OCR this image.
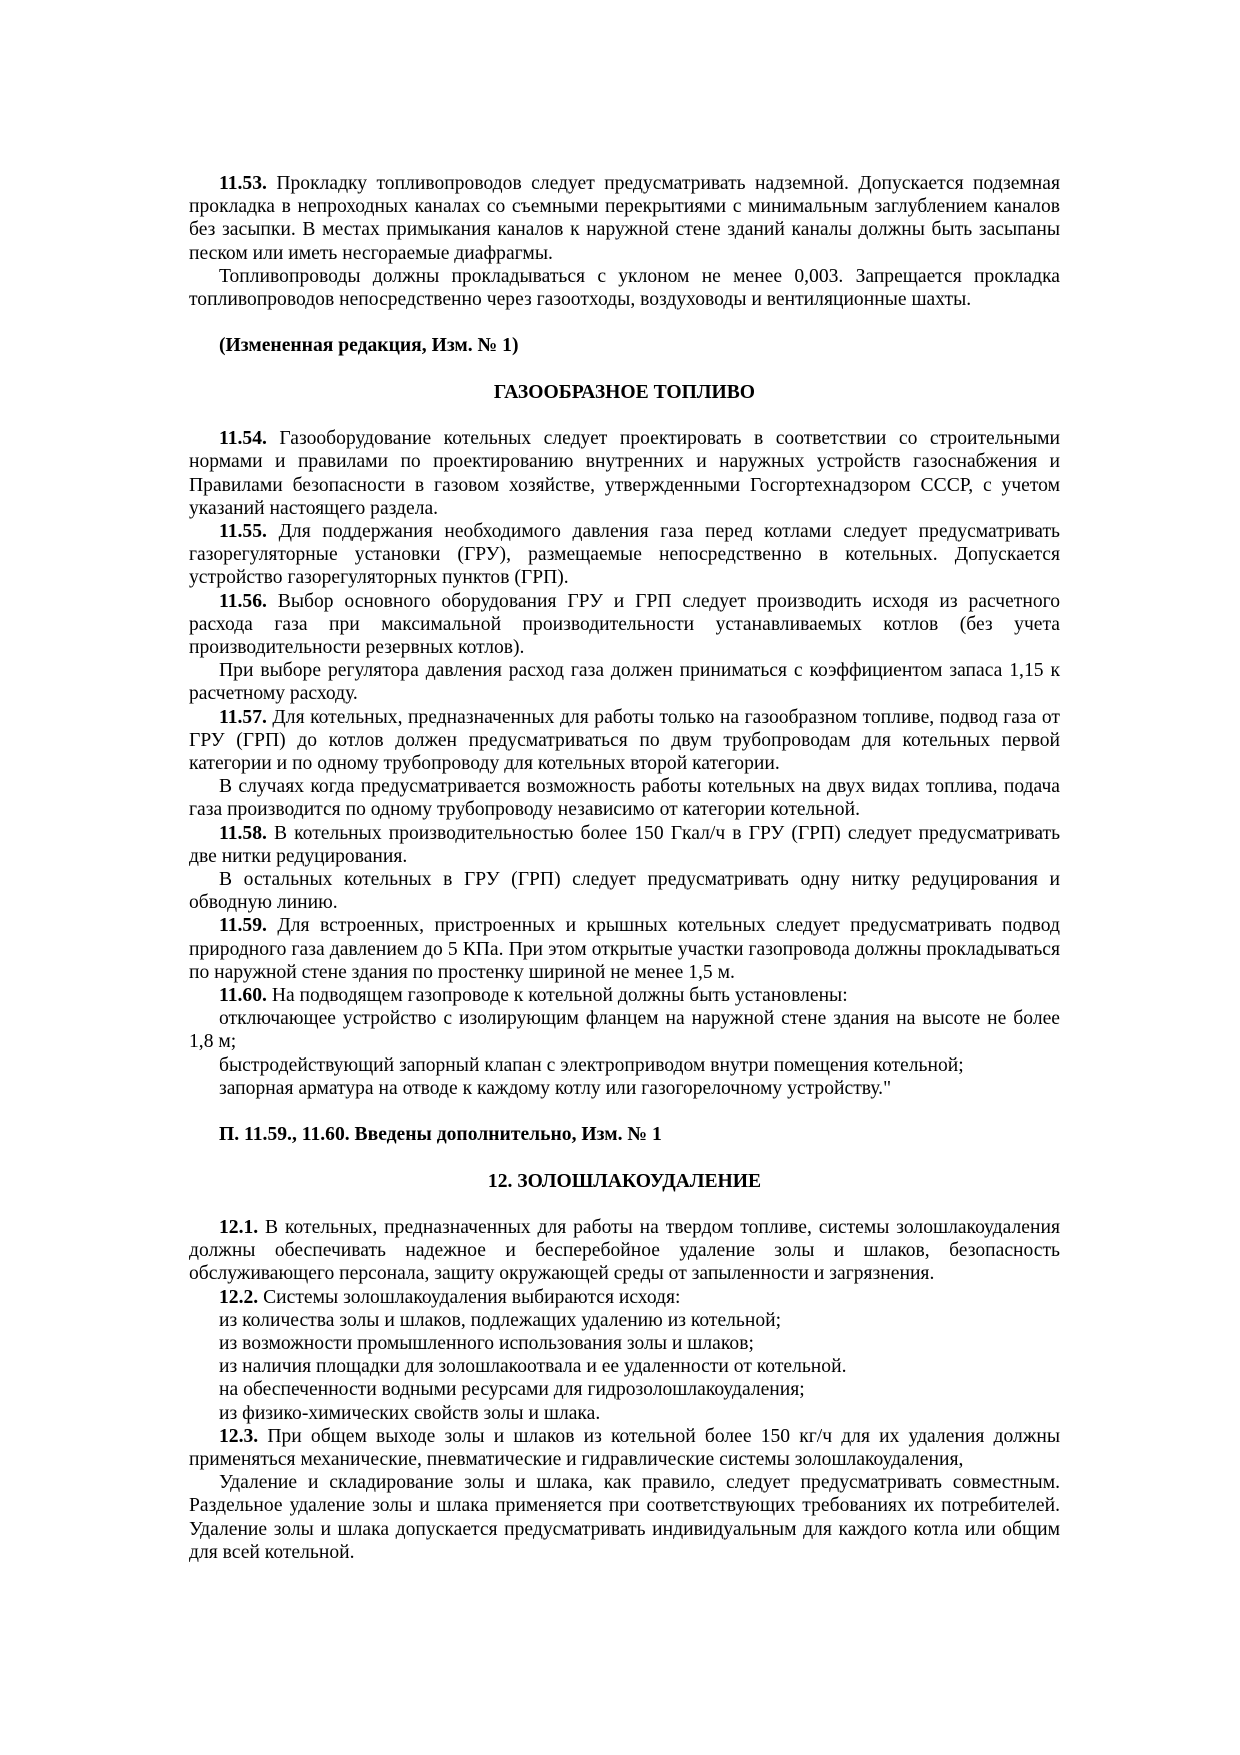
11.53. Прокладку топливопроводов следует предусматривать надземной. Допускается подземная прокладка в непроходных каналах со съемными перекрытиями с минимальным заглублением каналов без засыпки. В местах примыкания каналов к наружной стене зданий каналы должны быть засыпаны песком или иметь несгораемые диафрагмы.

Топливопроводы должны прокладываться с уклоном не менее 0,003. Запрещается прокладка топливопроводов непосредственно через газоотходы, воздуховоды и вентиляционные шахты.

(Измененная редакция, Изм. № 1)

ГАЗООБРАЗНОЕ ТОПЛИВО

11.54. Газооборудование котельных следует проектировать в соответствии со строительными нормами и правилами по проектированию внутренних и наружных устройств газоснабжения и Правилами безопасности в газовом хозяйстве, утвержденными Госгортехнадзором СССР, с учетом указаний настоящего раздела.

11.55. Для поддержания необходимого давления газа перед котлами следует предусматривать газорегуляторные установки (ГРУ), размещаемые непосредственно в котельных. Допускается устройство газорегуляторных пунктов (ГРП).

11.56. Выбор основного оборудования ГРУ и ГРП следует производить исходя из расчетного расхода газа при максимальной производительности устанавливаемых котлов (без учета производительности резервных котлов).

При выборе регулятора давления расход газа должен приниматься с коэффициентом запаса 1,15 к расчетному расходу.

11.57. Для котельных, предназначенных для работы только на газообразном топливе, подвод газа от ГРУ (ГРП) до котлов должен предусматриваться по двум трубопроводам для котельных первой категории и по одному трубопроводу для котельных второй категории.

В случаях когда предусматривается возможность работы котельных на двух видах топлива, подача газа производится по одному трубопроводу независимо от категории котельной.

11.58. В котельных производительностью более 150 Гкал/ч в ГРУ (ГРП) следует предусматривать две нитки редуцирования.

В остальных котельных в ГРУ (ГРП) следует предусматривать одну нитку редуцирования и обводную линию.

11.59. Для встроенных, пристроенных и крышных котельных следует предусматривать подвод природного газа давлением до 5 КПа. При этом открытые участки газопровода должны прокладываться по наружной стене здания по простенку шириной не менее 1,5 м.

11.60. На подводящем газопроводе к котельной должны быть установлены:

отключающее устройство с изолирующим фланцем на наружной стене здания на высоте не более 1,8 м;

быстродействующий запорный клапан с электроприводом внутри помещения котельной;

запорная арматура на отводе к каждому котлу или газогорелочному устройству."

П. 11.59., 11.60. Введены дополнительно, Изм. № 1

12. ЗОЛОШЛАКОУДАЛЕНИЕ

12.1. В котельных, предназначенных для работы на твердом топливе, системы золошлакоудаления должны обеспечивать надежное и бесперебойное удаление золы и шлаков, безопасность обслуживающего персонала, защиту окружающей среды от запыленности и загрязнения.

12.2. Системы золошлакоудаления выбираются исходя:

из количества золы и шлаков, подлежащих удалению из котельной;

из возможности промышленного использования золы и шлаков;

из наличия площадки для золошлакоотвала и ее удаленности от котельной.

на обеспеченности водными ресурсами для гидрозолошлакоудаления;

из физико-химических свойств золы и шлака.

12.3. При общем выходе золы и шлаков из котельной более 150 кг/ч для их удаления должны применяться механические, пневматические и гидравлические системы золошлакоудаления,

Удаление и складирование золы и шлака, как правило, следует предусматривать совместным. Раздельное удаление золы и шлака применяется при соответствующих требованиях их потребителей. Удаление золы и шлака допускается предусматривать индивидуальным для каждого котла или общим для всей котельной.
